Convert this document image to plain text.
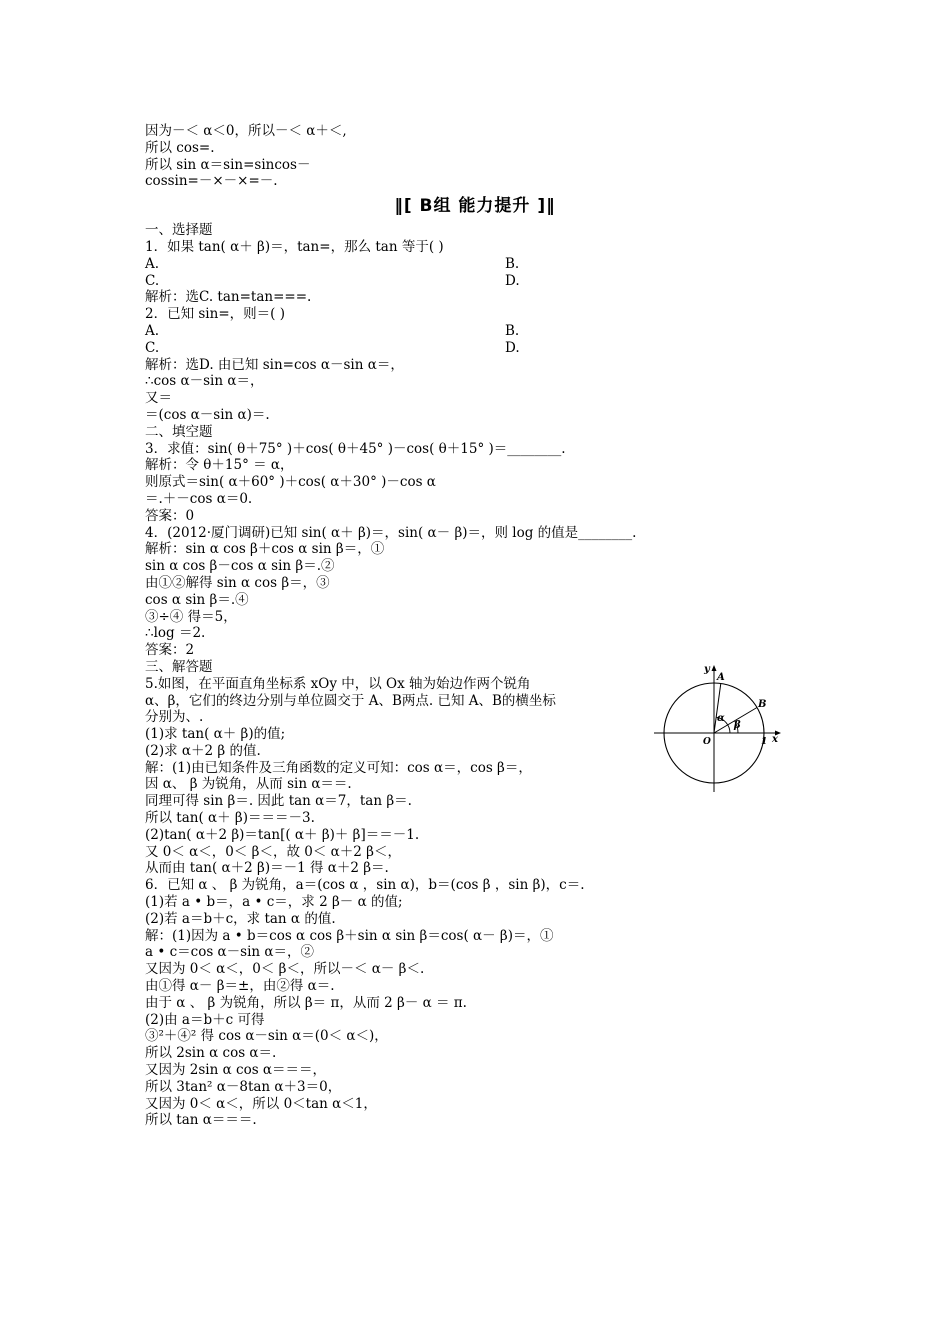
因为－＜ α＜0，所以－＜ α＋＜,
所以 cos=.
所以 sin α＝sin=sincos－
cossin=－×－×=－.
‖[ B组 能力提升 ]‖
一、选择题
1．如果 tan( α＋ β)＝，tan=，那么 tan 等于( )
A.	B.
C.	D.
解析：选C. tan=tan===.
2．已知 sin=，则＝( )
A.	B.
C.	D.
解析：选D. 由已知 sin=cos α－sin α＝，
∴cos α－sin α＝，
又＝
＝(cos α－sin α)＝.
二、填空题
3．求值：sin( θ＋75° )＋cos( θ＋45° )－cos( θ＋15° )＝________.
解析：令 θ＋15° ＝ α，
则原式＝sin( α＋60° )＋cos( α＋30° )－cos α
＝.＋－cos α＝0.
答案：0
4．(2012·厦门调研)已知 sin( α＋ β)＝，sin( α－ β)＝，则 log 的值是________.
解析：sin α cos β＋cos α sin β＝，①
sin α cos β－cos α sin β＝.②
由①②解得 sin α cos β＝，③
cos α sin β＝.④
③÷④ 得＝5，
∴log ＝2.
答案：2
三、解答题
5.如图，在平面直角坐标系 xOy 中，以 Ox 轴为始边作两个锐角
α、β，它们的终边分别与单位圆交于 A、B两点. 已知 A、B的横坐标
分别为、.
(1)求 tan( α＋ β)的值;
(2)求 α＋2 β 的值.
解：(1)由已知条件及三角函数的定义可知：cos α＝，cos β＝，
因 α、 β 为锐角，从而 sin α＝＝.
同理可得 sin β＝. 因此 tan α＝7，tan β＝.
所以 tan( α＋ β)＝＝＝－3.
(2)tan( α＋2 β)＝tan[( α＋ β)＋ β]＝＝－1.
又 0＜ α＜，0＜ β＜，故 0＜ α＋2 β＜，
从而由 tan( α＋2 β)＝－1 得 α＋2 β＝.
6．已知 α 、 β 为锐角，a＝(cos α ，sin α)，b＝(cos β ，sin β)，c＝.
(1)若 a • b＝，a • c＝，求 2 β－ α 的值;
(2)若 a＝b＋c，求 tan α 的值.
解：(1)因为 a • b＝cos α cos β＋sin α sin β＝cos( α－ β)＝，①
a • c＝cos α－sin α＝，②
又因为 0＜ α＜，0＜ β＜，所以－＜ α－ β＜.
由①得 α－ β＝±，由②得 α＝.
由于 α 、 β 为锐角，所以 β＝ π，从而 2 β－ α ＝ π.
(2)由 a＝b＋c 可得
③²＋④² 得 cos α－sin α＝(0＜ α＜)，
所以 2sin α cos α＝.
又因为 2sin α cos α＝＝＝，
所以 3tan² α－8tan α＋3＝0，
又因为 0＜ α＜，所以 0＜tan α＜1，
所以 tan α＝＝＝.
y
x
O	1
A
B
α
β
